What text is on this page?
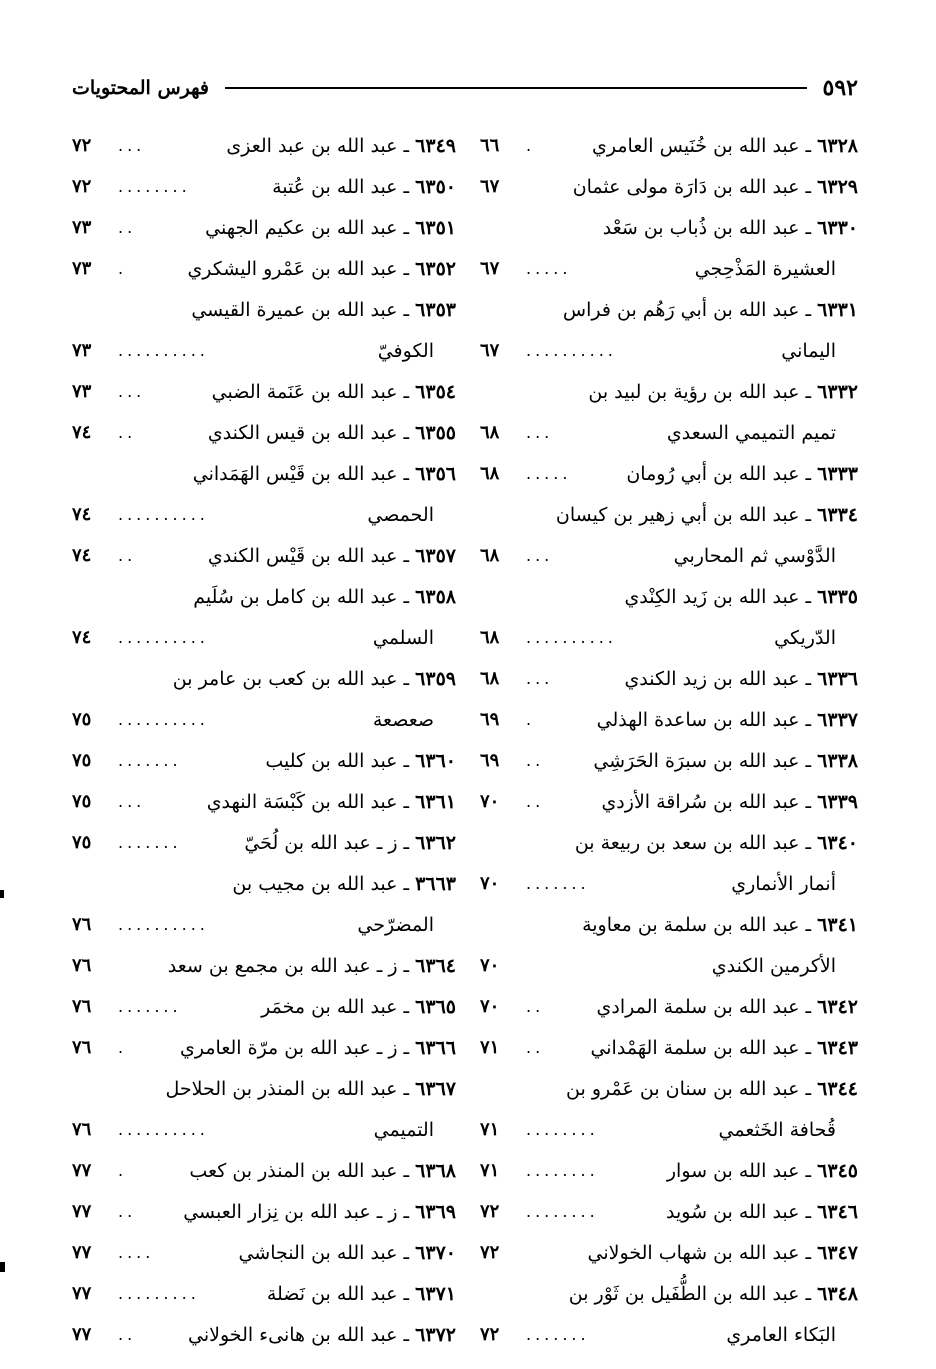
فهرس المحتويات	٥٩٢
٦٣٢٨ ـ عبد الله بن خُنَيس العامري
.
٦٦
٦٣٢٩ ـ عبد الله بن دَارَة مولى عثمان
٦٧
٦٣٣٠ ـ عبد الله بن ذُباب بن سَعْد
العشيرة المَذْحِجي
.....
٦٧
٦٣٣١ ـ عبد الله بن أبي رَهُم بن فراس
اليماني
..........
٦٧
٦٣٣٢ ـ عبد الله بن رؤية بن لبيد بن
تميم التميمي السعدي
...
٦٨
٦٣٣٣ ـ عبد الله بن أبي رُومان
.....
٦٨
٦٣٣٤ ـ عبد الله بن أبي زهير بن كيسان
الدَّوْسي ثم المحاربي
...
٦٨
٦٣٣٥ ـ عبد الله بن زَيد الكِنْدي
الدّريكي
..........
٦٨
٦٣٣٦ ـ عبد الله بن زيد الكندي
...
٦٨
٦٣٣٧ ـ عبد الله بن ساعدة الهذلي
.
٦٩
٦٣٣٨ ـ عبد الله بن سبرَة الحَرَشِي
..
٦٩
٦٣٣٩ ـ عبد الله بن سُراقة الأزدي
..
٧٠
٦٣٤٠ ـ عبد الله بن سعد بن ربيعة بن
أنمار الأنماري
.......
٧٠
٦٣٤١ ـ عبد الله بن سلمة بن معاوية
الأكرمين الكندي
٧٠
٦٣٤٢ ـ عبد الله بن سلمة المرادي
..
٧٠
٦٣٤٣ ـ عبد الله بن سلمة الهَمْداني
..
٧١
٦٣٤٤ ـ عبد الله بن سنان بن عَمْرو بن
قُحافة الخَثعمي
........
٧١
٦٣٤٥ ـ عبد الله بن سوار
........
٧١
٦٣٤٦ ـ عبد الله بن سُويد
........
٧٢
٦٣٤٧ ـ عبد الله بن شهاب الخولاني
٧٢
٦٣٤٨ ـ عبد الله بن الطُّفَيل بن ثَوْر بن
البَكاء العامري
.......
٧٢
٦٣٤٩ ـ عبد الله بن عبد العزى
...
٧٢
٦٣٥٠ ـ عبد الله بن عُتبة
........
٧٢
٦٣٥١ ـ عبد الله بن عكيم الجهني
..
٧٣
٦٣٥٢ ـ عبد الله بن عَمْرو اليشكري
.
٧٣
٦٣٥٣ ـ عبد الله بن عميرة القيسي
الكوفيّ
..........
٧٣
٦٣٥٤ ـ عبد الله بن عَنَمة الضبي
...
٧٣
٦٣٥٥ ـ عبد الله بن قيس الكندي
..
٧٤
٦٣٥٦ ـ عبد الله بن قَيْس الهَمَداني
الحمصي
..........
٧٤
٦٣٥٧ ـ عبد الله بن قَيْس الكندي
..
٧٤
٦٣٥٨ ـ عبد الله بن كامل بن سُلَيم
السلمي
..........
٧٤
٦٣٥٩ ـ عبد الله بن كعب بن عامر بن
صعصعة
..........
٧٥
٦٣٦٠ ـ عبد الله بن كليب
.......
٧٥
٦٣٦١ ـ عبد الله بن كَبْسَة النهدي
...
٧٥
٦٣٦٢ ـ ز ـ عبد الله بن لُحَيّ
.......
٧٥
٣٦٦٣ ـ عبد الله بن مجيب بن
المضرّحي
..........
٧٦
٦٣٦٤ ـ ز ـ عبد الله بن مجمع بن سعد
٧٦
٦٣٦٥ ـ عبد الله بن مخمَر
.......
٧٦
٦٣٦٦ ـ ز ـ عبد الله بن مرّة العامري
.
٧٦
٦٣٦٧ ـ عبد الله بن المنذر بن الحلاحل
التميمي
..........
٧٦
٦٣٦٨ ـ عبد الله بن المنذر بن كعب
.
٧٧
٦٣٦٩ ـ ز ـ عبد الله بن نِزار العبسي
..
٧٧
٦٣٧٠ ـ عبد الله بن النجاشي
....
٧٧
٦٣٧١ ـ عبد الله بن نَضلة
.........
٧٧
٦٣٧٢ ـ عبد الله بن هانىء الخولاني
..
٧٧
